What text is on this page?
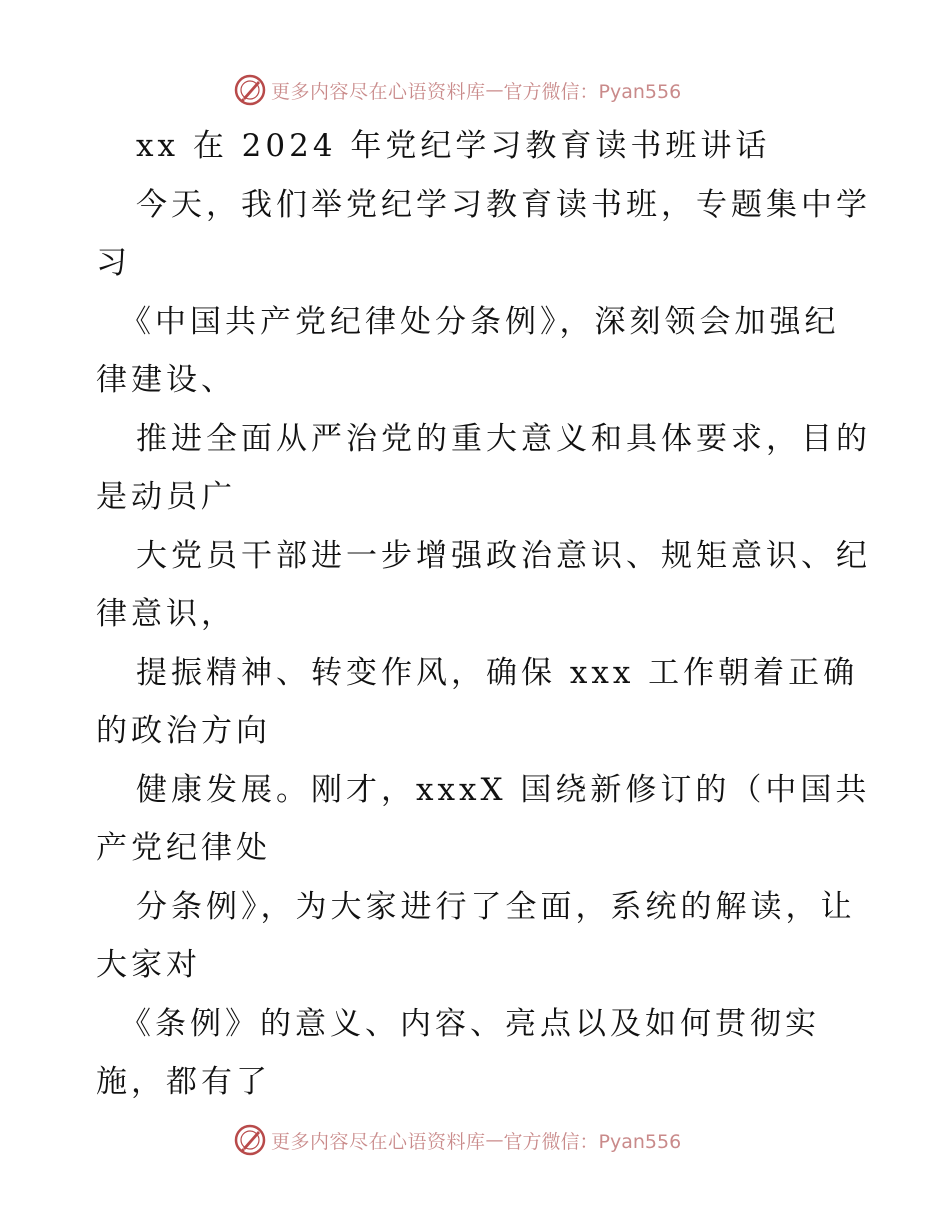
更多内容尽在心语资料库 — 官方微信：Pyan556
xx 在 2024 年党纪学习教育读书班讲话
今天，我们举党纪学习教育读书班，专题集中学
习
《中国共产党纪律处分条例》，深刻领会加强纪
律建设、
推进全面从严治党的重大意义和具体要求，目的
是动员广
大党员干部进一步增强政治意识、规矩意识、纪
律意识，
提振精神、转变作风，确保 xxx 工作朝着正确
的政治方向
健康发展。刚才，xxxX 国绕新修订的（中国共
产党纪律处
分条例》，为大家进行了全面，系统的解读，让
大家对
《条例》的意义、内容、亮点以及如何贯彻实
施，都有了
更多内容尽在心语资料库 — 官方微信：Pyan556
